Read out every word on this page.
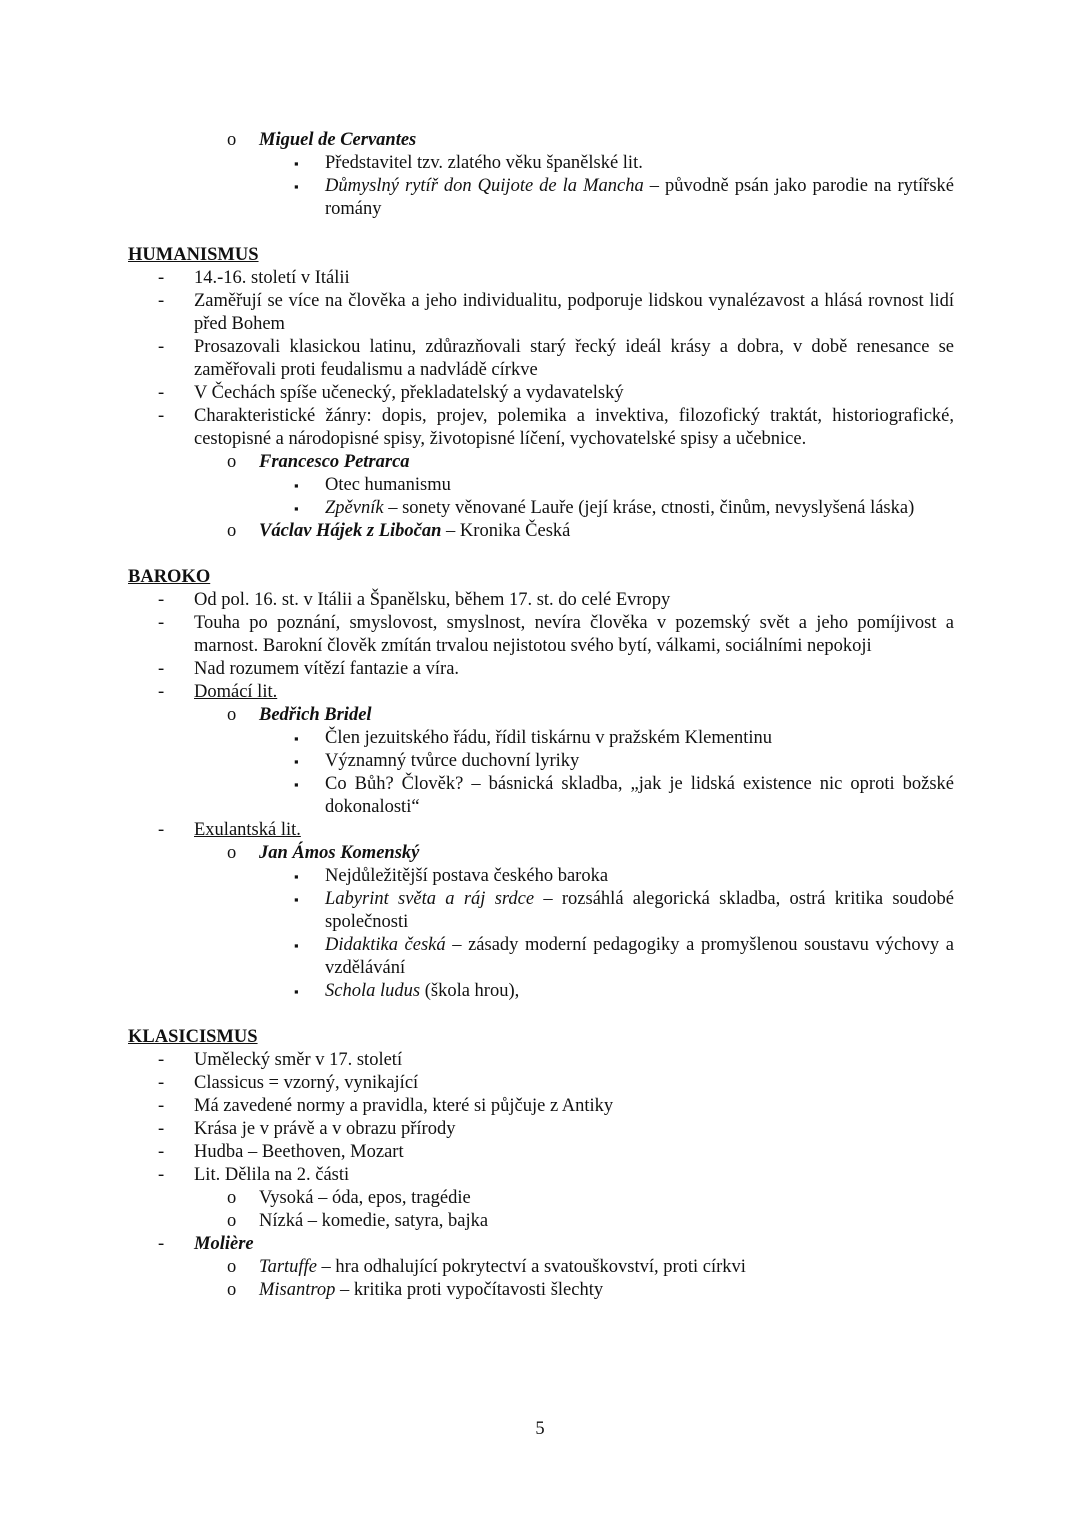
o
Miguel de Cervantes
▪
Představitel tzv. zlatého věku španělské lit.
▪
Důmyslný rytíř don Quijote de la Mancha – původně psán jako parodie na rytířské romány
HUMANISMUS
-
14.-16. století v Itálii
-
Zaměřují se více na člověka a jeho individualitu, podporuje lidskou vynalézavost a hlásá rovnost lidí před Bohem
-
Prosazovali klasickou latinu, zdůrazňovali starý řecký ideál krásy a dobra, v době renesance se zaměřovali proti feudalismu a nadvládě církve
-
V Čechách spíše učenecký, překladatelský a vydavatelský
-
Charakteristické žánry: dopis, projev, polemika a invektiva, filozofický traktát, historiografické, cestopisné a národopisné spisy, životopisné líčení, vychovatelské spisy a učebnice.
o
Francesco Petrarca
▪
Otec humanismu
▪
Zpěvník – sonety věnované Lauře (její kráse, ctnosti, činům, nevyslyšená láska)
o
Václav Hájek z Libočan – Kronika Česká
BAROKO
-
Od pol. 16. st. v Itálii a Španělsku, během 17. st. do celé Evropy
-
Touha po poznání, smyslovost, smyslnost, nevíra člověka v pozemský svět a jeho pomíjivost a marnost. Barokní člověk zmítán trvalou nejistotou svého bytí, válkami, sociálními nepokoji
-
Nad rozumem vítězí fantazie a víra.
-
Domácí lit.
o
Bedřich Bridel
▪
Člen jezuitského řádu, řídil tiskárnu v pražském Klementinu
▪
Významný tvůrce duchovní lyriky
▪
Co Bůh? Člověk? – básnická skladba, „jak je lidská existence nic oproti božské dokonalosti“
-
Exulantská lit.
o
Jan Ámos Komenský
▪
Nejdůležitější postava českého baroka
▪
Labyrint světa a ráj srdce – rozsáhlá alegorická skladba, ostrá kritika soudobé společnosti
▪
Didaktika česká – zásady moderní pedagogiky a promyšlenou soustavu výchovy a vzdělávání
▪
Schola ludus (škola hrou),
KLASICISMUS
-
Umělecký směr v 17. století
-
Classicus = vzorný, vynikající
-
Má zavedené normy a pravidla, které si půjčuje z Antiky
-
Krása je v právě a v obrazu přírody
-
Hudba – Beethoven, Mozart
-
Lit. Dělila na 2. části
o
Vysoká – óda, epos, tragédie
o
Nízká – komedie, satyra, bajka
-
Molière
o
Tartuffe – hra odhalující pokrytectví a svatouškovství, proti církvi
o
Misantrop – kritika proti vypočítavosti šlechty
5
